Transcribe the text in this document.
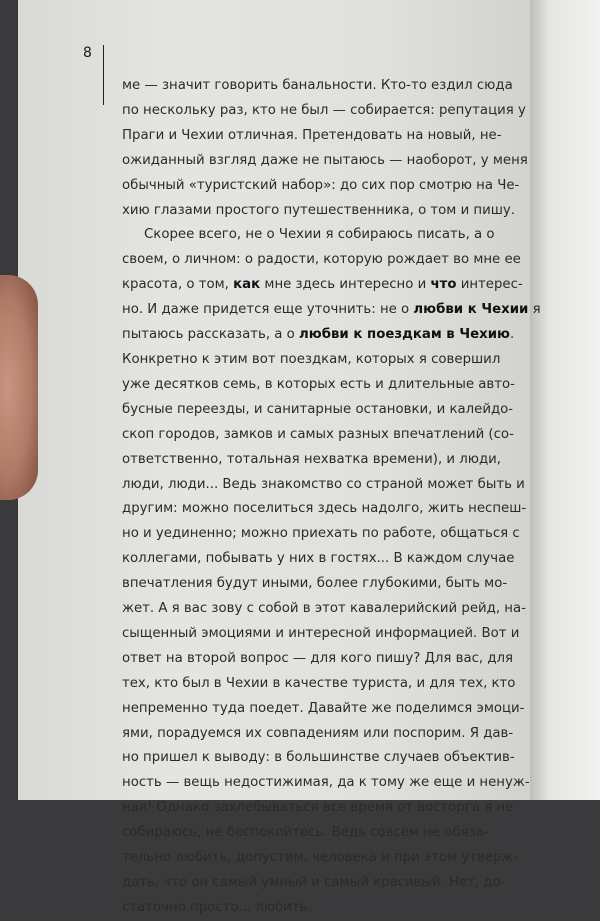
8
ме — значит говорить банальности. Кто-то ездил сюда
по нескольку раз, кто не был — собирается: репутация у
Праги и Чехии отличная. Претендовать на новый, не-
ожиданный взгляд даже не пытаюсь — наоборот, у меня
обычный «туристский набор»: до сих пор смотрю на Че-
хию глазами простого путешественника, о том и пишу.
Скорее всего, не о Чехии я собираюсь писать, а о
своем, о личном: о радости, которую рождает во мне ее
красота, о том, как мне здесь интересно и что интерес-
но. И даже придется еще уточнить: не о любви к Чехии я
пытаюсь рассказать, а о любви к поездкам в Чехию.
Конкретно к этим вот поездкам, которых я совершил
уже десятков семь, в которых есть и длительные авто-
бусные переезды, и санитарные остановки, и калейдо-
скоп городов, замков и самых разных впечатлений (со-
ответственно, тотальная нехватка времени), и люди,
люди, люди... Ведь знакомство со страной может быть и
другим: можно поселиться здесь надолго, жить неспеш-
но и уединенно; можно приехать по работе, общаться с
коллегами, побывать у них в гостях... В каждом случае
впечатления будут иными, более глубокими, быть мо-
жет. А я вас зову с собой в этот кавалерийский рейд, на-
сыщенный эмоциями и интересной информацией. Вот и
ответ на второй вопрос — для кого пишу? Для вас, для
тех, кто был в Чехии в качестве туриста, и для тех, кто
непременно туда поедет. Давайте же поделимся эмоци-
ями, порадуемся их совпадениям или поспорим. Я дав-
но пришел к выводу: в большинстве случаев объектив-
ность — вещь недостижимая, да к тому же еще и ненуж-
ная! Однако захлебываться все время от восторга я не
собираюсь, не беспокойтесь. Ведь совсем не обяза-
тельно любить, допустим, человека и при этом утверж-
дать, что он самый умный и самый красивый. Нет, до-
статочно просто... любить.
